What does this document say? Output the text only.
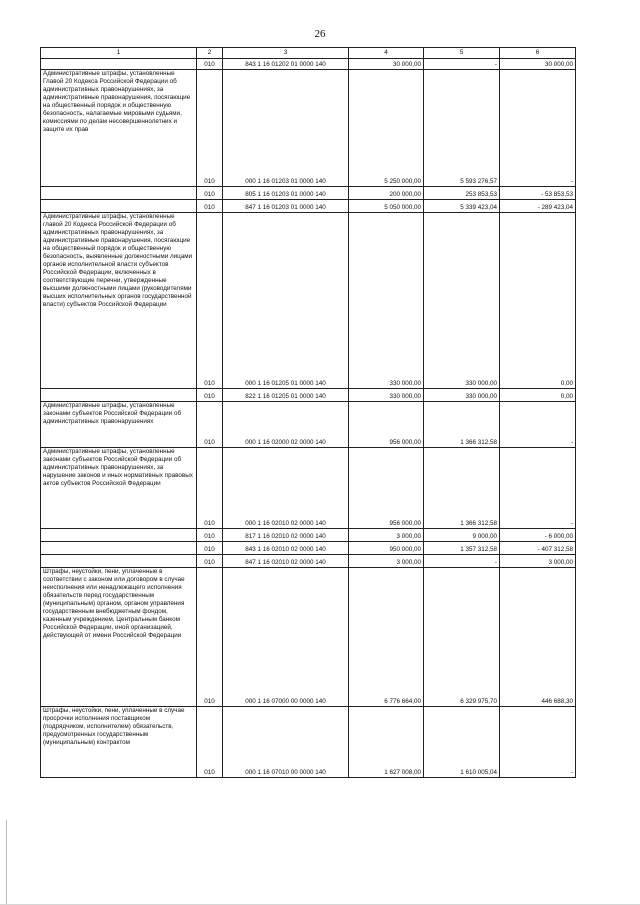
26
1	2	3	4	5	6

	010	843 1 16 01202 01 0000 140	30 000,00	-	30 000,00

Административные штрафы, установленные Главой 20 Кодекса Российской Федерации об административных правонарушениях, за административные правонарушения, посягающие на общественный порядок и общественную безопасность, налагаемые мировыми судьями, комиссиями по делам несовершеннолетних и защите их прав	010	000 1 16 01203 01 0000 140	5 250 000,00	5 593 276,57	-

	010	805 1 16 01203 01 0000 140	200 000,00	253 853,53	- 53 853,53

	010	847 1 16 01203 01 0000 140	5 050 000,00	5 339 423,04	- 289 423,04

Административные штрафы, установленные главой 20 Кодекса Российской Федерации об административных правонарушениях, за административные правонарушения, посягающие на общественный порядок и общественную безопасность, выявленные должностными лицами органов исполнительной власти субъектов Российской Федерации, включенных в соответствующие перечни, утвержденные высшими должностными лицами (руководителями высших исполнительных органов государственной власти) субъектов Российской Федерации	010	000 1 16 01205 01 0000 140	330 000,00	330 000,00	0,00

	010	822 1 16 01205 01 0000 140	330 000,00	330 000,00	0,00

Административные штрафы, установленные законами субъектов Российской Федерации об административных правонарушениях	010	000 1 16 02000 02 0000 140	956 000,00	1 366 312,58	-

Административные штрафы, установленные законами субъектов Российской Федерации об административных правонарушениях, за нарушение законов и иных нормативных правовых актов субъектов Российской Федерации	010	000 1 16 02010 02 0000 140	956 000,00	1 366 312,58	-

	010	817 1 16 02010 02 0000 140	3 000,00	9 000,00	- 6 000,00

	010	843 1 16 02010 02 0000 140	950 000,00	1 357 312,58	- 407 312,58

	010	847 1 16 02010 02 0000 140	3 000,00	-	3 000,00

Штрафы, неустойки, пени, уплаченные в соответствии с законом или договором в случае неисполнения или ненадлежащего исполнения обязательств перед государственным (муниципальным) органом, органом управления государственным внебюджетным фондом, казенным учреждением, Центральным банком Российской Федерации, иной организацией, действующей от имени Российской Федерации	010	000 1 16 07000 00 0000 140	6 776 664,00	6 329 975,70	446 688,30

Штрафы, неустойки, пени, уплаченные в случае просрочки исполнения поставщиком (подрядчиком, исполнителем) обязательств, предусмотренных государственным (муниципальным) контрактом	010	000 1 16 07010 00 0000 140	1 627 008,00	1 610 005,04	-
